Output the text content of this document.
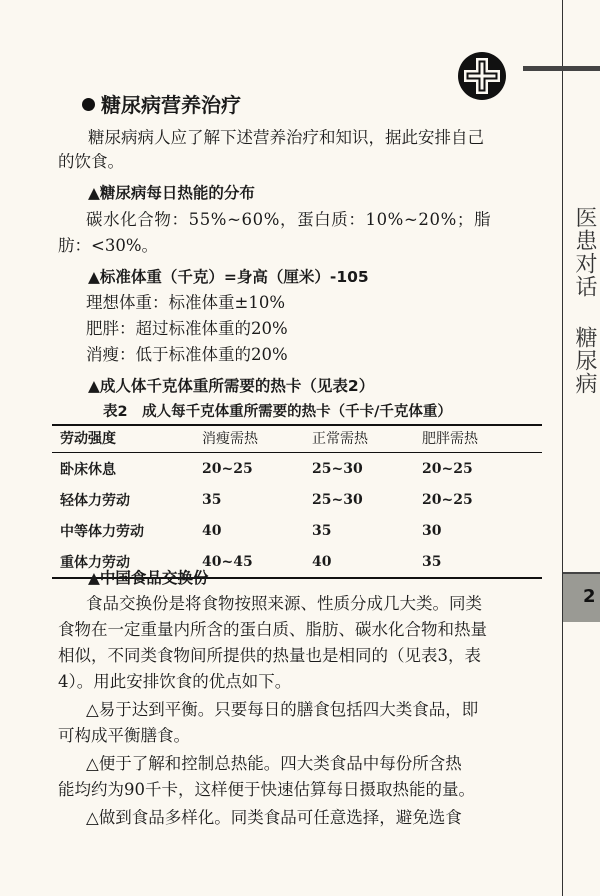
医患对话
糖尿病
2
糖尿病营养治疗
糖尿病病人应了解下述营养治疗和知识，据此安排自己
的饮食。
▲糖尿病每日热能的分布
碳水化合物：55%~60%，蛋白质：10%~20%；脂
肪：<30%。
▲标准体重（千克）=身高（厘米）-105
理想体重：标准体重±10%
肥胖：超过标准体重的20%
消瘦：低于标准体重的20%
▲成人体千克体重所需要的热卡（见表2）
表2　成人每千克体重所需要的热卡（千卡/千克体重）
劳动强度	消瘦需热	正常需热	肥胖需热
卧床休息	20~25	25~30	20~25
轻体力劳动	35	25~30	20~25
中等体力劳动	40	35	30
重体力劳动	40~45	40	35
▲中国食品交换份
食品交换份是将食物按照来源、性质分成几大类。同类
食物在一定重量内所含的蛋白质、脂肪、碳水化合物和热量
相似，不同类食物间所提供的热量也是相同的（见表3，表
4）。用此安排饮食的优点如下。
△易于达到平衡。只要每日的膳食包括四大类食品，即
可构成平衡膳食。
△便于了解和控制总热能。四大类食品中每份所含热
能均约为90千卡，这样便于快速估算每日摄取热能的量。
△做到食品多样化。同类食品可任意选择，避免选食
